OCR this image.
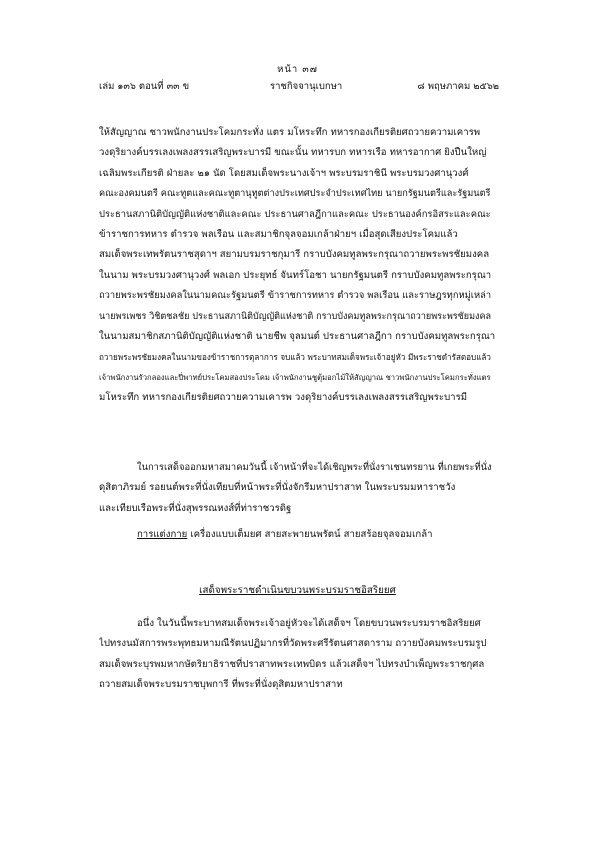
หน้า ๓๗
เล่ม ๑๓๖ ตอนที่ ๓๓ ข	ราชกิจจานุเบกษา	๘ พฤษภาคม ๒๕๖๒
ให้สัญญาณ ชาวพนักงานประโคมกระทั่ง แตร มโหระทึก ทหารกองเกียรติยศถวายความเคารพ
วงดุริยางค์บรรเลงเพลงสรรเสริญพระบารมี ขณะนั้น ทหารบก ทหารเรือ ทหารอากาศ ยิงปืนใหญ่
เฉลิมพระเกียรติ ฝ่ายละ ๒๑ นัด โดยสมเด็จพระนางเจ้าฯ พระบรมราชินี พระบรมวงศานุวงศ์
คณะองคมนตรี คณะทูตและคณะทูตานุทูตต่างประเทศประจำประเทศไทย นายกรัฐมนตรีและรัฐมนตรี
ประธานสภานิติบัญญัติแห่งชาติและคณะ ประธานศาลฎีกาและคณะ ประธานองค์กรอิสระและคณะ
ข้าราชการทหาร ตำรวจ พลเรือน และสมาชิกจุลจอมเกล้าฝ่ายฯ เมื่อสุดเสียงประโคมแล้ว
สมเด็จพระเทพรัตนราชสุดาฯ สยามบรมราชกุมารี กราบบังคมทูลพระกรุณาถวายพระพรชัยมงคล
ในนาม พระบรมวงศานุวงศ์ พลเอก ประยุทธ์ จันทร์โอชา นายกรัฐมนตรี กราบบังคมทูลพระกรุณา
ถวายพระพรชัยมงคลในนามคณะรัฐมนตรี ข้าราชการทหาร ตำรวจ พลเรือน และราษฎรทุกหมู่เหล่า
นายพรเพชร วิชิตชลชัย ประธานสภานิติบัญญัติแห่งชาติ กราบบังคมทูลพระกรุณาถวายพระพรชัยมงคล
ในนามสมาชิกสภานิติบัญญัติแห่งชาติ นายชีพ จุลมนต์ ประธานศาลฎีกา กราบบังคมทูลพระกรุณา
ถวายพระพรชัยมงคลในนามของข้าราชการตุลาการ จบแล้ว พระบาทสมเด็จพระเจ้าอยู่หัว มีพระราชดำรัสตอบแล้ว
เจ้าพนักงานรัวกลองและปี่พาทย์ประโคมสองประโคม เจ้าพนักงานชูตุ้มอกไม้ให้สัญญาณ ชาวพนักงานประโคมกระทั่งแตร
มโหระทึก ทหารกองเกียรติยศถวายความเคารพ วงดุริยางค์บรรเลงเพลงสรรเสริญพระบารมี
ในการเสด็จออกมหาสมาคมวันนี้ เจ้าหน้าที่จะได้เชิญพระที่นั่งราเชนทรยาน ที่เกยพระที่นั่ง
ดุสิตาภิรมย์ รอยนต์พระที่นั่งเทียบที่หน้าพระที่นั่งจักรีมหาปราสาท ในพระบรมมหาราชวัง
และเทียบเรือพระที่นั่งสุพรรณหงส์ที่ท่าราชวรดิฐ
การแต่งกาย เครื่องแบบเต็มยศ สายสะพายนพรัตน์ สายสร้อยจุลจอมเกล้า
เสด็จพระราชดำเนินขบวนพระบรมราชอิสริยยศ
อนึ่ง ในวันนี้พระบาทสมเด็จพระเจ้าอยู่หัวจะได้เสด็จฯ โดยขบวนพระบรมราชอิสริยยศ
ไปทรงนมัสการพระพุทธมหามณีรัตนปฏิมากรที่วัดพระศรีรัตนศาสดาราม ถวายบังคมพระบรมรูป
สมเด็จพระบุรพมหากษัตริยาธิราชที่ปราสาทพระเทพบิดร แล้วเสด็จฯ ไปทรงบำเพ็ญพระราชกุศล
ถวายสมเด็จพระบรมราชบุพการี ที่พระที่นั่งดุสิตมหาปราสาท
